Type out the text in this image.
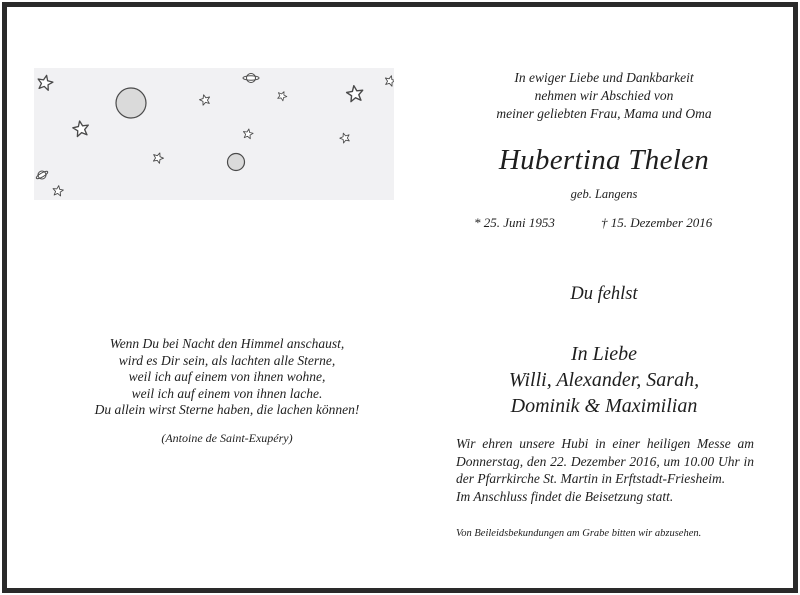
In ewiger Liebe und Dankbarkeit
nehmen wir Abschied von
meiner geliebten Frau, Mama und Oma
Hubertina Thelen
geb. Langens
* 25. Juni 1953	† 15. Dezember 2016
Du fehlst
In Liebe
Willi, Alexander, Sarah,
Dominik & Maximilian
Wenn Du bei Nacht den Himmel anschaust,
wird es Dir sein, als lachten alle Sterne,
weil ich auf einem von ihnen wohne,
weil ich auf einem von ihnen lache.
Du allein wirst Sterne haben, die lachen können!
(Antoine de Saint-Exupéry)	Wir ehren unsere Hubi in einer heiligen Messe am Donnerstag, den 22. Dezember 2016, um 10.00 Uhr in der Pfarrkirche St. Martin in Erftstadt-Friesheim.

Im Anschluss findet die Beisetzung statt.

Von Beileidsbekundungen am Grabe bitten wir abzusehen.
